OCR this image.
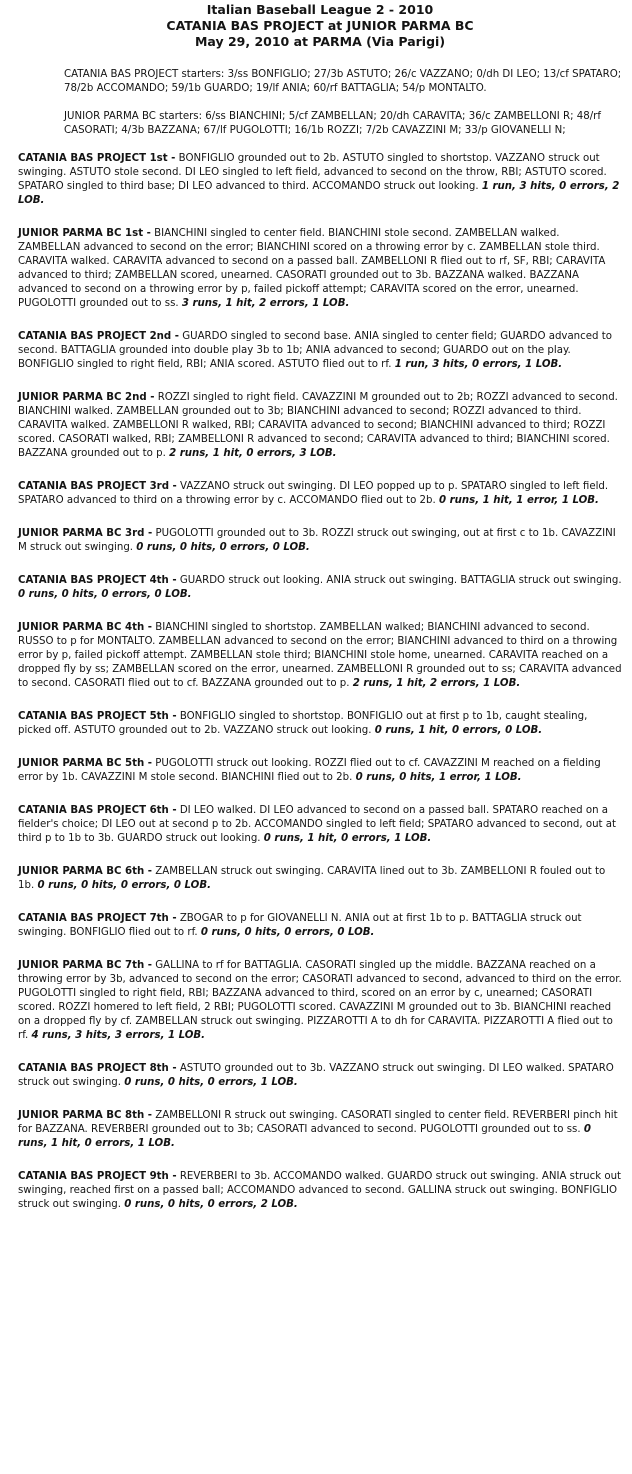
Italian Baseball League 2 - 2010
CATANIA BAS PROJECT at JUNIOR PARMA BC
May 29, 2010 at PARMA (Via Parigi)

CATANIA BAS PROJECT starters: 3/ss BONFIGLIO; 27/3b ASTUTO; 26/c VAZZANO; 0/dh DI LEO; 13/cf SPATARO; 78/2b ACCOMANDO; 59/1b GUARDO; 19/lf ANIA; 60/rf BATTAGLIA; 54/p MONTALTO.

JUNIOR PARMA BC starters: 6/ss BIANCHINI; 5/cf ZAMBELLAN; 20/dh CARAVITA; 36/c ZAMBELLONI R; 48/rf CASORATI; 4/3b BAZZANA; 67/lf PUGOLOTTI; 16/1b ROZZI; 7/2b CAVAZZINI M; 33/p GIOVANELLI N;

CATANIA BAS PROJECT 1st - BONFIGLIO grounded out to 2b. ASTUTO singled to shortstop. VAZZANO struck out swinging. ASTUTO stole second. DI LEO singled to left field, advanced to second on the throw, RBI; ASTUTO scored. SPATARO singled to third base; DI LEO advanced to third. ACCOMANDO struck out looking. 1 run, 3 hits, 0 errors, 2 LOB.

JUNIOR PARMA BC 1st - BIANCHINI singled to center field. BIANCHINI stole second. ZAMBELLAN walked. ZAMBELLAN advanced to second on the error; BIANCHINI scored on a throwing error by c. ZAMBELLAN stole third. CARAVITA walked. CARAVITA advanced to second on a passed ball. ZAMBELLONI R flied out to rf, SF, RBI; CARAVITA advanced to third; ZAMBELLAN scored, unearned. CASORATI grounded out to 3b. BAZZANA walked. BAZZANA advanced to second on a throwing error by p, failed pickoff attempt; CARAVITA scored on the error, unearned. PUGOLOTTI grounded out to ss. 3 runs, 1 hit, 2 errors, 1 LOB.

CATANIA BAS PROJECT 2nd - GUARDO singled to second base. ANIA singled to center field; GUARDO advanced to second. BATTAGLIA grounded into double play 3b to 1b; ANIA advanced to second; GUARDO out on the play. BONFIGLIO singled to right field, RBI; ANIA scored. ASTUTO flied out to rf. 1 run, 3 hits, 0 errors, 1 LOB.

JUNIOR PARMA BC 2nd - ROZZI singled to right field. CAVAZZINI M grounded out to 2b; ROZZI advanced to second. BIANCHINI walked. ZAMBELLAN grounded out to 3b; BIANCHINI advanced to second; ROZZI advanced to third. CARAVITA walked. ZAMBELLONI R walked, RBI; CARAVITA advanced to second; BIANCHINI advanced to third; ROZZI scored. CASORATI walked, RBI; ZAMBELLONI R advanced to second; CARAVITA advanced to third; BIANCHINI scored. BAZZANA grounded out to p. 2 runs, 1 hit, 0 errors, 3 LOB.

CATANIA BAS PROJECT 3rd - VAZZANO struck out swinging. DI LEO popped up to p. SPATARO singled to left field. SPATARO advanced to third on a throwing error by c. ACCOMANDO flied out to 2b. 0 runs, 1 hit, 1 error, 1 LOB.

JUNIOR PARMA BC 3rd - PUGOLOTTI grounded out to 3b. ROZZI struck out swinging, out at first c to 1b. CAVAZZINI M struck out swinging. 0 runs, 0 hits, 0 errors, 0 LOB.

CATANIA BAS PROJECT 4th - GUARDO struck out looking. ANIA struck out swinging. BATTAGLIA struck out swinging. 0 runs, 0 hits, 0 errors, 0 LOB.

JUNIOR PARMA BC 4th - BIANCHINI singled to shortstop. ZAMBELLAN walked; BIANCHINI advanced to second. RUSSO to p for MONTALTO. ZAMBELLAN advanced to second on the error; BIANCHINI advanced to third on a throwing error by p, failed pickoff attempt. ZAMBELLAN stole third; BIANCHINI stole home, unearned. CARAVITA reached on a dropped fly by ss; ZAMBELLAN scored on the error, unearned. ZAMBELLONI R grounded out to ss; CARAVITA advanced to second. CASORATI flied out to cf. BAZZANA grounded out to p. 2 runs, 1 hit, 2 errors, 1 LOB.

CATANIA BAS PROJECT 5th - BONFIGLIO singled to shortstop. BONFIGLIO out at first p to 1b, caught stealing, picked off. ASTUTO grounded out to 2b. VAZZANO struck out looking. 0 runs, 1 hit, 0 errors, 0 LOB.

JUNIOR PARMA BC 5th - PUGOLOTTI struck out looking. ROZZI flied out to cf. CAVAZZINI M reached on a fielding error by 1b. CAVAZZINI M stole second. BIANCHINI flied out to 2b. 0 runs, 0 hits, 1 error, 1 LOB.

CATANIA BAS PROJECT 6th - DI LEO walked. DI LEO advanced to second on a passed ball. SPATARO reached on a fielder's choice; DI LEO out at second p to 2b. ACCOMANDO singled to left field; SPATARO advanced to second, out at third p to 1b to 3b. GUARDO struck out looking. 0 runs, 1 hit, 0 errors, 1 LOB.

JUNIOR PARMA BC 6th - ZAMBELLAN struck out swinging. CARAVITA lined out to 3b. ZAMBELLONI R fouled out to 1b. 0 runs, 0 hits, 0 errors, 0 LOB.

CATANIA BAS PROJECT 7th - ZBOGAR to p for GIOVANELLI N. ANIA out at first 1b to p. BATTAGLIA struck out swinging. BONFIGLIO flied out to rf. 0 runs, 0 hits, 0 errors, 0 LOB.

JUNIOR PARMA BC 7th - GALLINA to rf for BATTAGLIA. CASORATI singled up the middle. BAZZANA reached on a throwing error by 3b, advanced to second on the error; CASORATI advanced to second, advanced to third on the error. PUGOLOTTI singled to right field, RBI; BAZZANA advanced to third, scored on an error by c, unearned; CASORATI scored. ROZZI homered to left field, 2 RBI; PUGOLOTTI scored. CAVAZZINI M grounded out to 3b. BIANCHINI reached on a dropped fly by cf. ZAMBELLAN struck out swinging. PIZZAROTTI A to dh for CARAVITA. PIZZAROTTI A flied out to rf. 4 runs, 3 hits, 3 errors, 1 LOB.

CATANIA BAS PROJECT 8th - ASTUTO grounded out to 3b. VAZZANO struck out swinging. DI LEO walked. SPATARO struck out swinging. 0 runs, 0 hits, 0 errors, 1 LOB.

JUNIOR PARMA BC 8th - ZAMBELLONI R struck out swinging. CASORATI singled to center field. REVERBERI pinch hit for BAZZANA. REVERBERI grounded out to 3b; CASORATI advanced to second. PUGOLOTTI grounded out to ss. 0 runs, 1 hit, 0 errors, 1 LOB.

CATANIA BAS PROJECT 9th - REVERBERI to 3b. ACCOMANDO walked. GUARDO struck out swinging. ANIA struck out swinging, reached first on a passed ball; ACCOMANDO advanced to second. GALLINA struck out swinging. BONFIGLIO struck out swinging. 0 runs, 0 hits, 0 errors, 2 LOB.
